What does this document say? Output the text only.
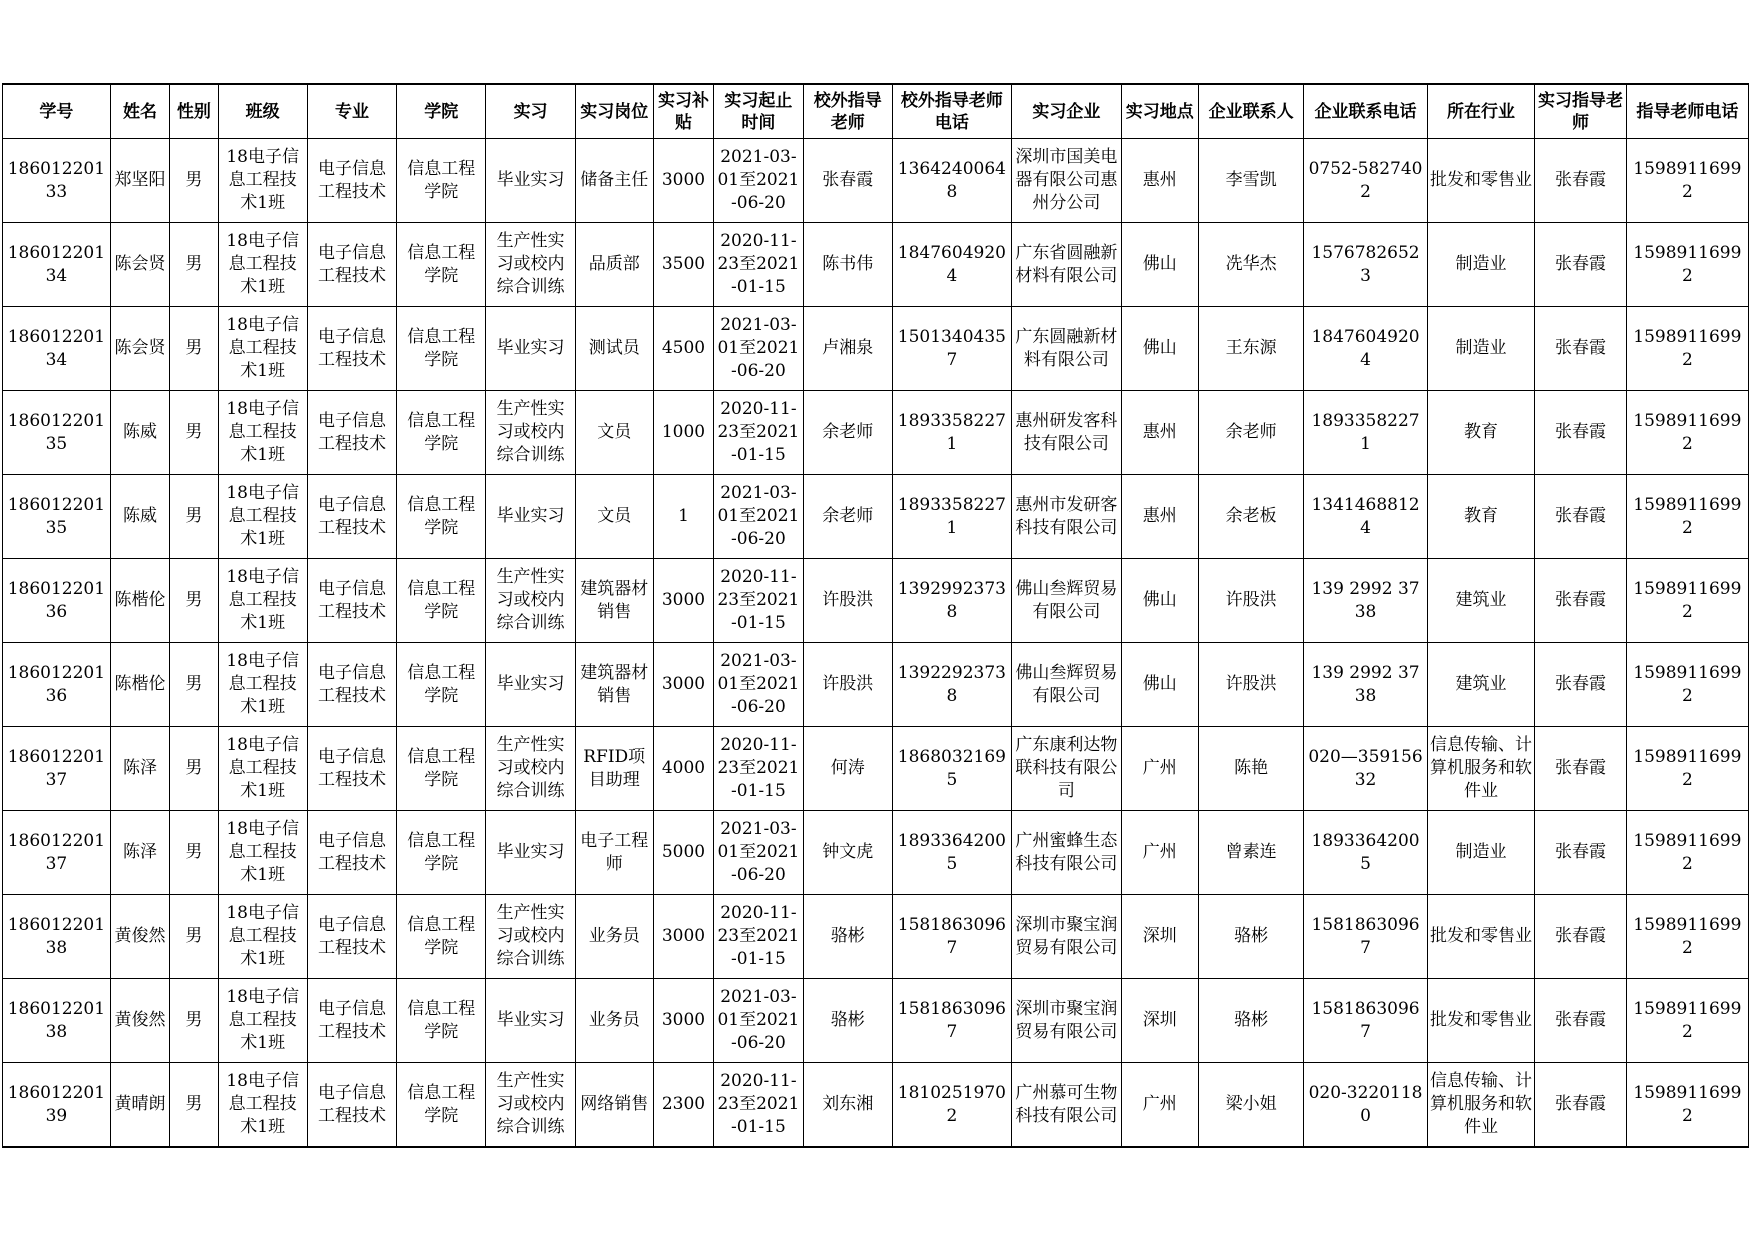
学号	姓名	性别	班级	专业	学院	实习	实习岗位	实习补贴	实习起止时间	校外指导老师	校外指导老师电话	实习企业	实习地点	企业联系人	企业联系电话	所在行业	实习指导老师	指导老师电话

18601220133	郑坚阳	男	18电子信息工程技术1班	电子信息工程技术	信息工程学院	毕业实习	储备主任	3000	2021-03-01至2021-06-20	张春霞	13642400648	深圳市国美电器有限公司惠州分公司	惠州	李雪凯	0752-5827402	批发和零售业	张春霞	15989116992

18601220134	陈会贤	男	18电子信息工程技术1班	电子信息工程技术	信息工程学院	生产性实习或校内综合训练	品质部	3500	2020-11-23至2021-01-15	陈书伟	18476049204	广东省圆融新材料有限公司	佛山	冼华杰	15767826523	制造业	张春霞	15989116992

18601220134	陈会贤	男	18电子信息工程技术1班	电子信息工程技术	信息工程学院	毕业实习	测试员	4500	2021-03-01至2021-06-20	卢湘泉	15013404357	广东圆融新材料有限公司	佛山	王东源	18476049204	制造业	张春霞	15989116992

18601220135	陈威	男	18电子信息工程技术1班	电子信息工程技术	信息工程学院	生产性实习或校内综合训练	文员	1000	2020-11-23至2021-01-15	余老师	18933582271	惠州研发客科技有限公司	惠州	余老师	18933582271	教育	张春霞	15989116992

18601220135	陈威	男	18电子信息工程技术1班	电子信息工程技术	信息工程学院	毕业实习	文员	1	2021-03-01至2021-06-20	余老师	18933582271	惠州市发研客科技有限公司	惠州	余老板	13414688124	教育	张春霞	15989116992

18601220136	陈楷伦	男	18电子信息工程技术1班	电子信息工程技术	信息工程学院	生产性实习或校内综合训练	建筑器材销售	3000	2020-11-23至2021-01-15	许股洪	13929923738	佛山叁辉贸易有限公司	佛山	许股洪	139 2992 3738	建筑业	张春霞	15989116992

18601220136	陈楷伦	男	18电子信息工程技术1班	电子信息工程技术	信息工程学院	毕业实习	建筑器材销售	3000	2021-03-01至2021-06-20	许股洪	13922923738	佛山叁辉贸易有限公司	佛山	许股洪	139 2992 3738	建筑业	张春霞	15989116992

18601220137	陈泽	男	18电子信息工程技术1班	电子信息工程技术	信息工程学院	生产性实习或校内综合训练	RFID项目助理	4000	2020-11-23至2021-01-15	何涛	18680321695	广东康利达物联科技有限公司	广州	陈艳	020—35915632	信息传输、计算机服务和软件业	张春霞	15989116992

18601220137	陈泽	男	18电子信息工程技术1班	电子信息工程技术	信息工程学院	毕业实习	电子工程师	5000	2021-03-01至2021-06-20	钟文虎	18933642005	广州蜜蜂生态科技有限公司	广州	曾素连	18933642005	制造业	张春霞	15989116992

18601220138	黄俊然	男	18电子信息工程技术1班	电子信息工程技术	信息工程学院	生产性实习或校内综合训练	业务员	3000	2020-11-23至2021-01-15	骆彬	15818630967	深圳市聚宝润贸易有限公司	深圳	骆彬	15818630967	批发和零售业	张春霞	15989116992

18601220138	黄俊然	男	18电子信息工程技术1班	电子信息工程技术	信息工程学院	毕业实习	业务员	3000	2021-03-01至2021-06-20	骆彬	15818630967	深圳市聚宝润贸易有限公司	深圳	骆彬	15818630967	批发和零售业	张春霞	15989116992

18601220139	黄晴朗	男	18电子信息工程技术1班	电子信息工程技术	信息工程学院	生产性实习或校内综合训练	网络销售	2300	2020-11-23至2021-01-15	刘东湘	18102519702	广州慕可生物科技有限公司	广州	梁小姐	020-32201180	信息传输、计算机服务和软件业	张春霞	15989116992
